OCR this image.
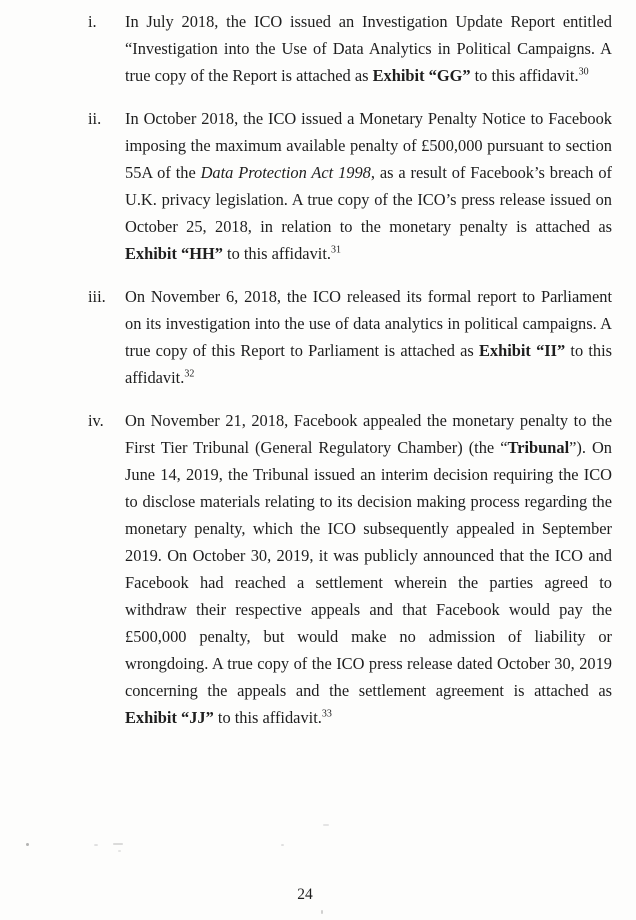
i.	In July 2018, the ICO issued an Investigation Update Report entitled “Investigation into the Use of Data Analytics in Political Campaigns. A true copy of the Report is attached as Exhibit “GG” to this affidavit.$^{30}$

ii.	In October 2018, the ICO issued a Monetary Penalty Notice to Facebook imposing the maximum available penalty of £500,000 pursuant to section 55A of the Data Protection Act 1998, as a result of Facebook’s breach of U.K. privacy legislation. A true copy of the ICO’s press release issued on October 25, 2018, in relation to the monetary penalty is attached as Exhibit “HH” to this affidavit.$^{31}$

iii.	On November 6, 2018, the ICO released its formal report to Parliament on its investigation into the use of data analytics in political campaigns. A true copy of this Report to Parliament is attached as Exhibit “II” to this affidavit.$^{32}$

iv.	On November 21, 2018, Facebook appealed the monetary penalty to the First Tier Tribunal (General Regulatory Chamber) (the “Tribunal”). On June 14, 2019, the Tribunal issued an interim decision requiring the ICO to disclose materials relating to its decision making process regarding the monetary penalty, which the ICO subsequently appealed in September 2019. On October 30, 2019, it was publicly announced that the ICO and Facebook had reached a settlement wherein the parties agreed to withdraw their respective appeals and that Facebook would pay the £500,000 penalty, but would make no admission of liability or wrongdoing. A true copy of the ICO press release dated October 30, 2019 concerning the appeals and the settlement agreement is attached as Exhibit “JJ” to this affidavit.$^{33}$

24
